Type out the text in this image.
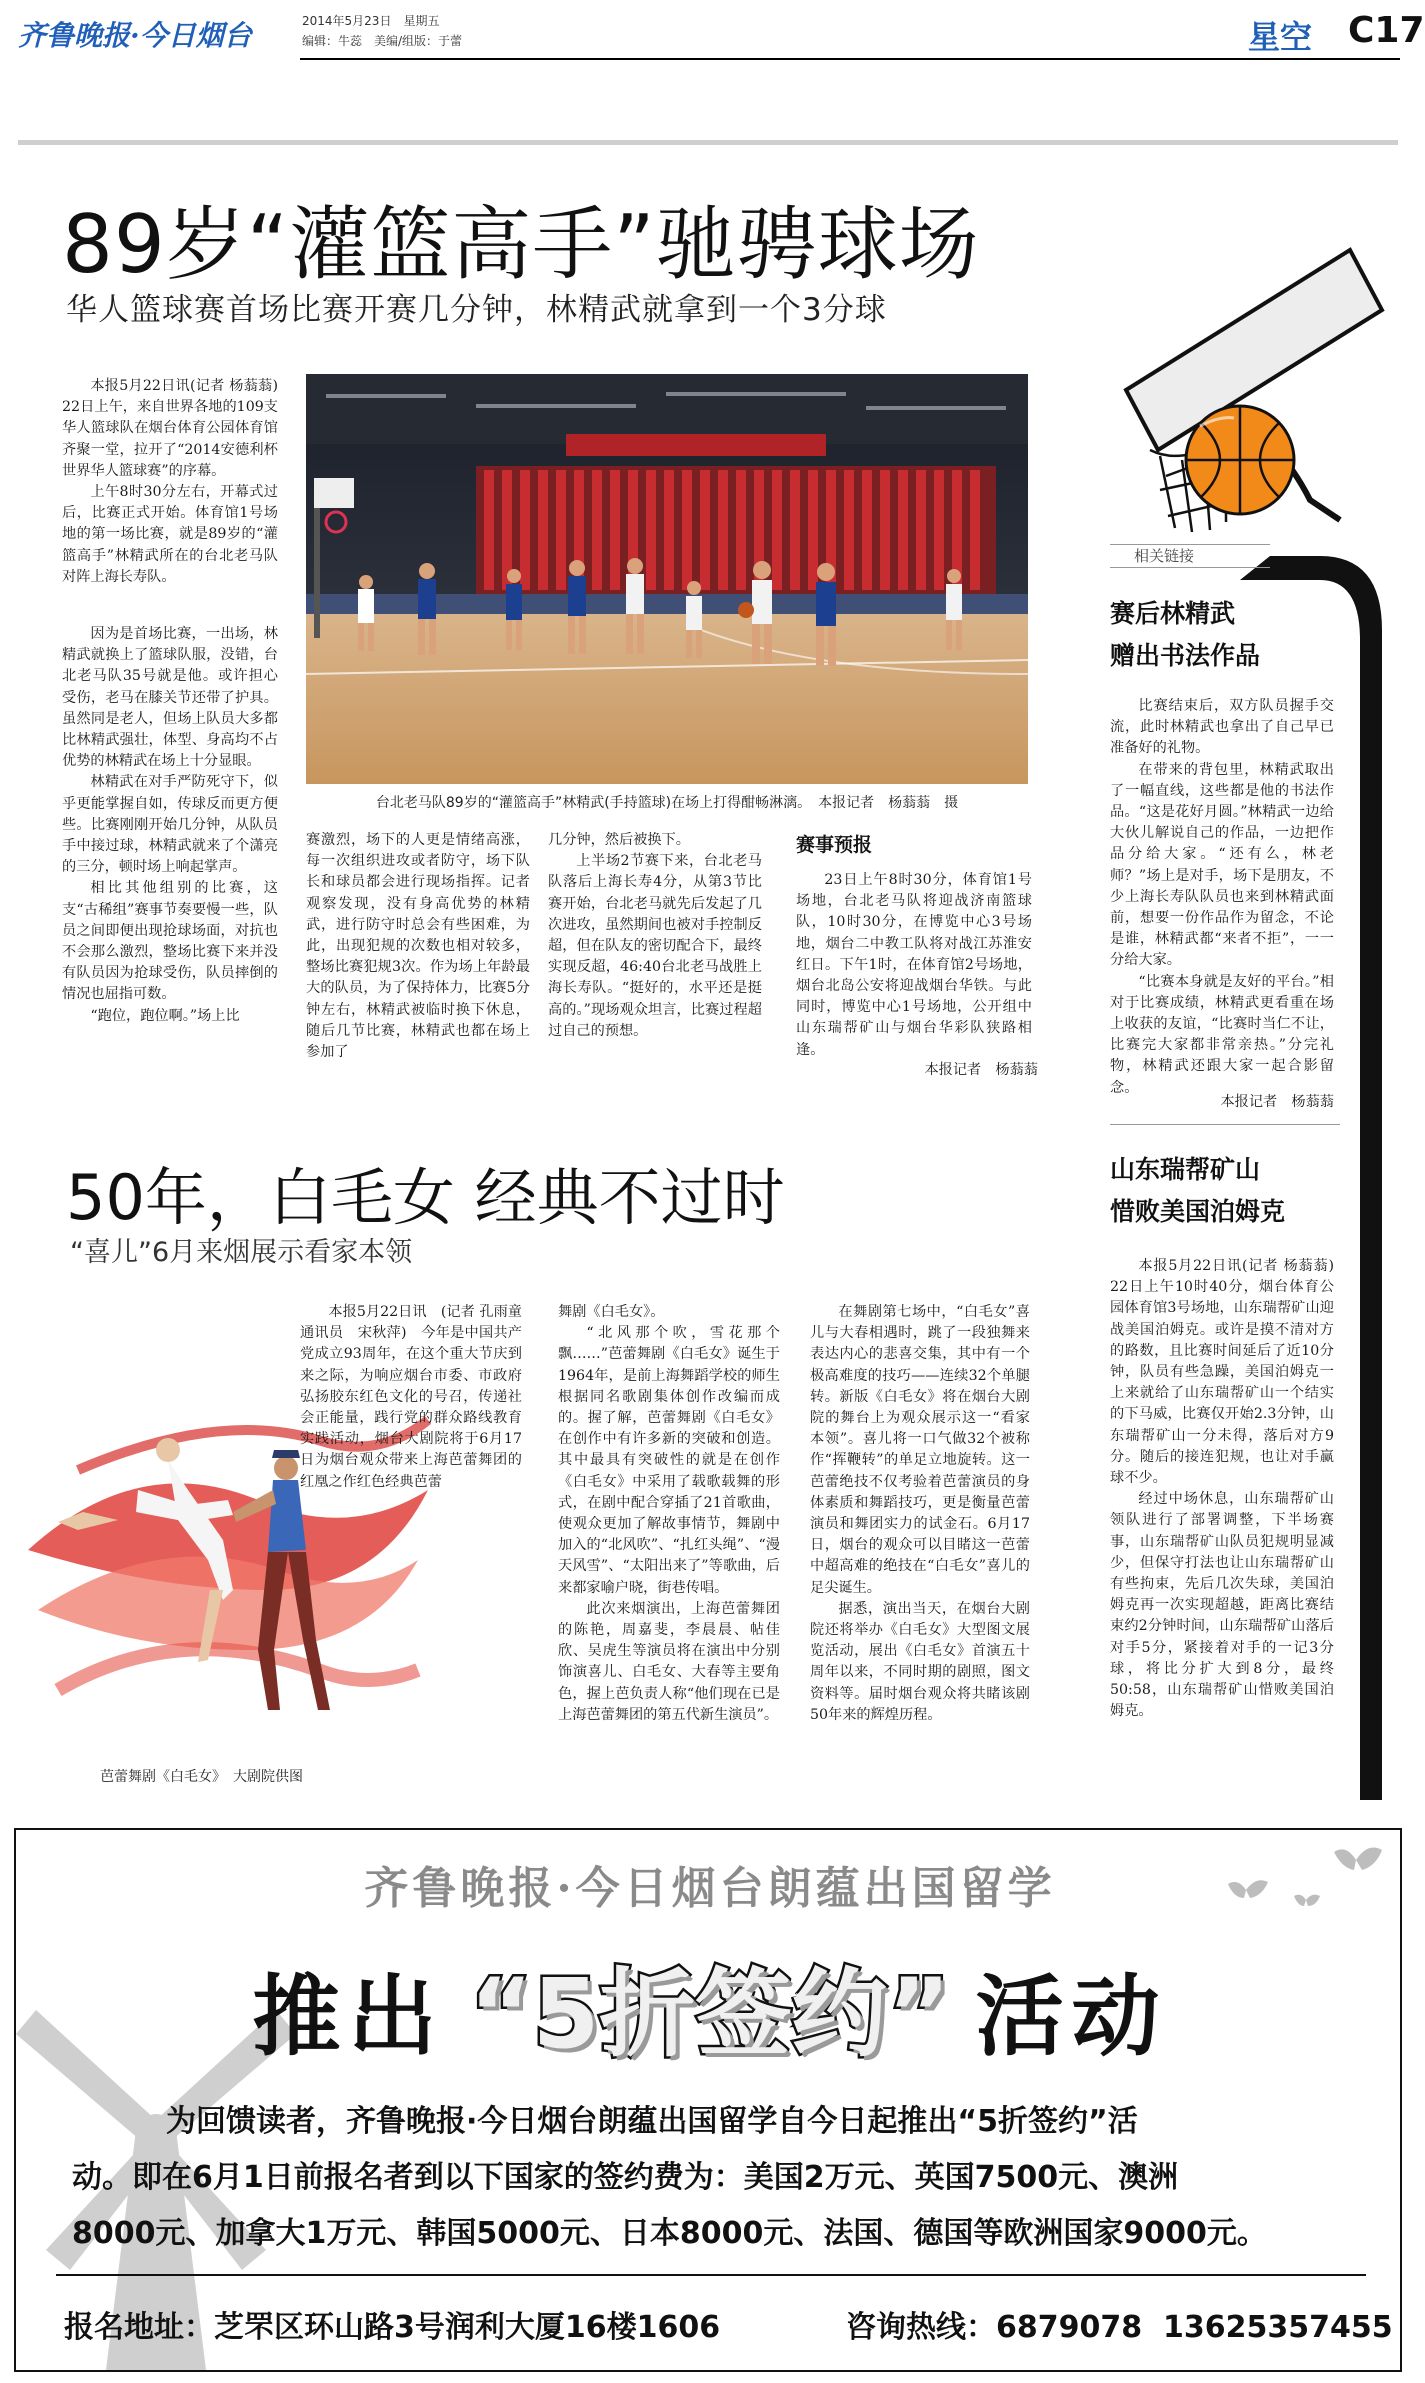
齐鲁晚报·今日烟台	2014年5月23日　星期五
编辑：牛蕊　美编/组版：于蕾	星空 C17
89岁“灌篮高手”驰骋球场
华人篮球赛首场比赛开赛几分钟，林精武就拿到一个3分球

本报5月22日讯(记者 杨蓊蓊)　22日上午，来自世界各地的109支华人篮球队在烟台体育公园体育馆齐聚一堂，拉开了“2014安德利杯世界华人篮球赛”的序幕。

上午8时30分左右，开幕式过后，比赛正式开始。体育馆1号场地的第一场比赛，就是89岁的“灌篮高手”林精武所在的台北老马队对阵上海长寿队。

因为是首场比赛，一出场，林精武就换上了篮球队服，没错，台北老马队35号就是他。或许担心受伤，老马在膝关节还带了护具。虽然同是老人，但场上队员大多都比林精武强壮，体型、身高均不占优势的林精武在场上十分显眼。

林精武在对手严防死守下，似乎更能掌握自如，传球反而更方便些。比赛刚刚开始几分钟，从队员手中接过球，林精武就来了个潇亮的三分，顿时场上响起掌声。

相比其他组别的比赛，这支“古稀组”赛事节奏要慢一些，队员之间即便出现抢球场面，对抗也不会那么激烈，整场比赛下来并没有队员因为抢球受伤，队员摔倒的情况也屈指可数。

“跑位，跑位啊。”场上比

台北老马队89岁的“灌篮高手”林精武(手持篮球)在场上打得酣畅淋漓。　本报记者　杨蓊蓊　摄

赛激烈，场下的人更是情绪高涨，每一次组织进攻或者防守，场下队长和球员都会进行现场指挥。记者观察发现，没有身高优势的林精武，进行防守时总会有些困难，为此，出现犯规的次数也相对较多，整场比赛犯规3次。作为场上年龄最大的队员，为了保持体力，比赛5分钟左右，林精武被临时换下休息，随后几节比赛，林精武也都在场上参加了

几分钟，然后被换下。

上半场2节赛下来，台北老马队落后上海长寿4分，从第3节比赛开始，台北老马就先后发起了几次进攻，虽然期间也被对手控制反超，但在队友的密切配合下，最终实现反超，46:40台北老马战胜上海长寿队。“挺好的，水平还是挺高的。”现场观众坦言，比赛过程超过自己的预想。

赛事预报

23日上午8时30分，体育馆1号场地，台北老马队将迎战济南篮球队，10时30分，在博览中心3号场地，烟台二中教工队将对战江苏淮安红日。下午1时，在体育馆2号场地，烟台北岛公安将迎战烟台华铁。与此同时，博览中心1号场地，公开组中山东瑞帮矿山与烟台华彩队狭路相逢。

本报记者　杨蓊蓊
相关链接
赛后林精武
赠出书法作品

比赛结束后，双方队员握手交流，此时林精武也拿出了自己早已准备好的礼物。

在带来的背包里，林精武取出了一幅直线，这些都是他的书法作品。“这是花好月圆。”林精武一边给大伙儿解说自己的作品，一边把作品分给大家。“还有么，林老师？”场上是对手，场下是朋友，不少上海长寿队队员也来到林精武面前，想要一份作品作为留念，不论是谁，林精武都“来者不拒”，一一分给大家。

“比赛本身就是友好的平台。”相对于比赛成绩，林精武更看重在场上收获的友谊，“比赛时当仁不让，比赛完大家都非常亲热。”分完礼物，林精武还跟大家一起合影留念。

本报记者　杨蓊蓊
山东瑞帮矿山
惜败美国泊姆克

本报5月22日讯(记者 杨蓊蓊)　22日上午10时40分，烟台体育公园体育馆3号场地，山东瑞帮矿山迎战美国泊姆克。或许是摸不清对方的路数，且比赛时间延后了近10分钟，队员有些急躁，美国泊姆克一上来就给了山东瑞帮矿山一个结实的下马威，比赛仅开始2.3分钟，山东瑞帮矿山一分未得，落后对方9分。随后的接连犯规，也让对手赢球不少。

经过中场休息，山东瑞帮矿山领队进行了部署调整，下半场赛事，山东瑞帮矿山队员犯规明显减少，但保守打法也让山东瑞帮矿山有些拘束，先后几次失球，美国泊姆克再一次实现超越，距离比赛结束约2分钟时间，山东瑞帮矿山落后对手5分，紧接着对手的一记3分球，将比分扩大到8分，最终50:58，山东瑞帮矿山惜败美国泊姆克。

50年，白毛女 经典不过时
“喜儿”6月来烟展示看家本领
芭蕾舞剧《白毛女》　大剧院供图

本报5月22日讯　(记者 孔雨童　通讯员　宋秋萍)　今年是中国共产党成立93周年，在这个重大节庆到来之际，为响应烟台市委、市政府弘扬胶东红色文化的号召，传递社会正能量，践行党的群众路线教育实践活动，烟台大剧院将于6月17日为烟台观众带来上海芭蕾舞团的红凰之作红色经典芭蕾

舞剧《白毛女》。

“北风那个吹，雪花那个飘……”芭蕾舞剧《白毛女》诞生于1964年，是前上海舞蹈学校的师生根据同名歌剧集体创作改编而成的。握了解，芭蕾舞剧《白毛女》在创作中有许多新的突破和创造。其中最具有突破性的就是在创作《白毛女》中采用了载歌载舞的形式，在剧中配合穿插了21首歌曲，使观众更加了解故事情节，舞剧中加入的“北风吹”、“扎红头绳”、“漫天风雪”、“太阳出来了”等歌曲，后来都家喻户晓，街巷传唱。

此次来烟演出，上海芭蕾舞团的陈艳，周嘉斐，李晨晨、帖佳欣、吴虎生等演员将在演出中分别饰演喜儿、白毛女、大春等主要角色，握上芭负责人称“他们现在已是上海芭蕾舞团的第五代新生演员”。

在舞剧第七场中，“白毛女”喜儿与大春相遇时，跳了一段独舞来表达内心的悲喜交集，其中有一个极高难度的技巧——连续32个单腿转。新版《白毛女》将在烟台大剧院的舞台上为观众展示这一“看家本领”。喜儿将一口气做32个被称作“挥鞭转”的单足立地旋转。这一芭蕾绝技不仅考验着芭蕾演员的身体素质和舞蹈技巧，更是衡量芭蕾演员和舞团实力的试金石。6月17日，烟台的观众可以目睹这一芭蕾中超高难的绝技在“白毛女”喜儿的足尖诞生。

据悉，演出当天，在烟台大剧院还将举办《白毛女》大型图文展览活动，展出《白毛女》首演五十周年以来，不同时期的剧照，图文资料等。届时烟台观众将共睹该剧50年来的辉煌历程。

齐鲁晚报·今日烟台朗蕴出国留学
推出 “5折签约” 活动
为回馈读者，齐鲁晚报·今日烟台朗蕴出国留学自今日起推出“5折签约”活
动。即在6月1日前报名者到以下国家的签约费为：美国2万元、英国7500元、澳洲
8000元、加拿大1万元、韩国5000元、日本8000元、法国、德国等欧洲国家9000元。
报名地址：芝罘区环山路3号润利大厦16楼1606	咨询热线：6879078  13625357455
